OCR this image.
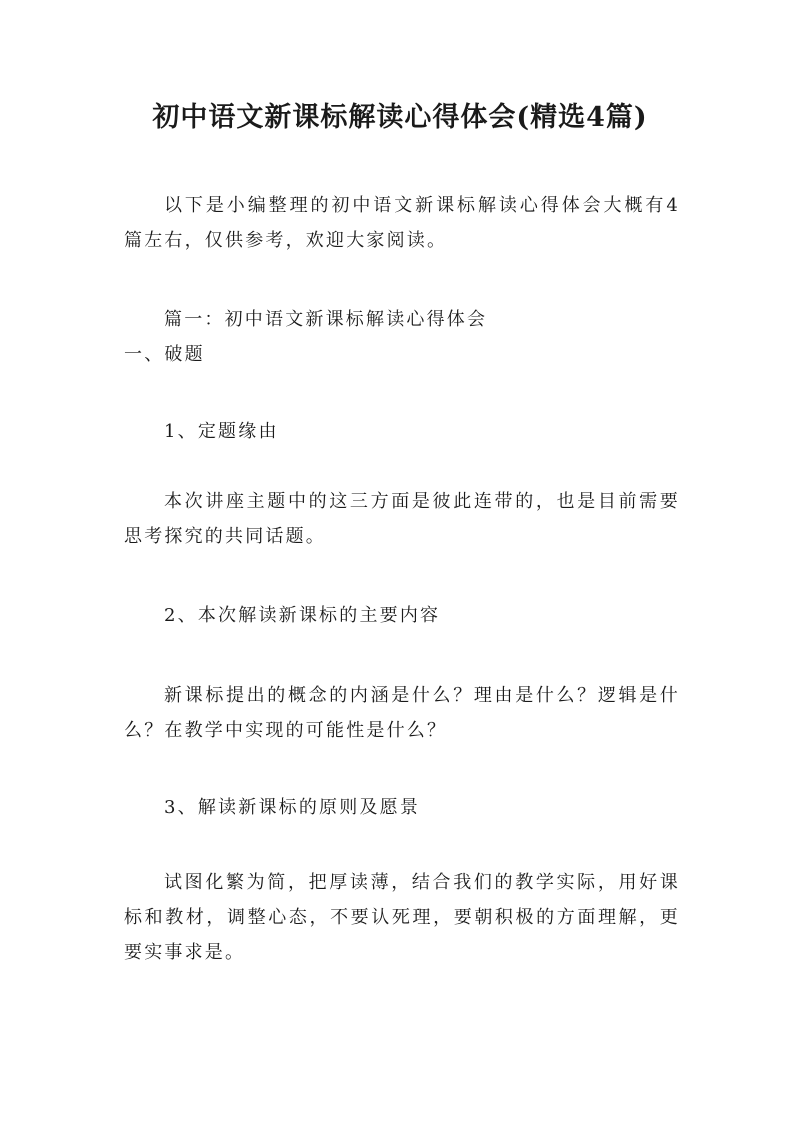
初中语文新课标解读心得体会(精选4篇)
以下是小编整理的初中语文新课标解读心得体会大概有4篇左右，仅供参考，欢迎大家阅读。
篇一：初中语文新课标解读心得体会
一、破题
1、定题缘由
本次讲座主题中的这三方面是彼此连带的，也是目前需要思考探究的共同话题。
2、本次解读新课标的主要内容
新课标提出的概念的内涵是什么？理由是什么？逻辑是什么？在教学中实现的可能性是什么？
3、解读新课标的原则及愿景
试图化繁为简，把厚读薄，结合我们的教学实际，用好课标和教材，调整心态，不要认死理，要朝积极的方面理解，更要实事求是。
